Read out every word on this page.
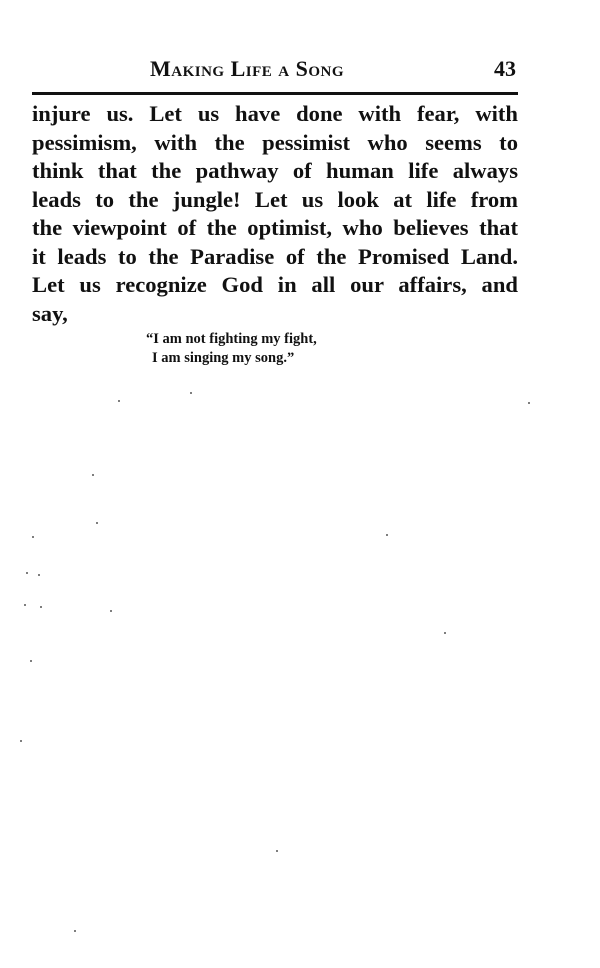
Making Life a Song	43

injure us. Let us have done with fear, with
pessimism, with the pessimist who seems to
think that the pathway of human life always
leads to the jungle! Let us look at life from
the viewpoint of the optimist, who believes that
it leads to the Paradise of the Promised Land.
Let us recognize God in all our affairs, and
say,

“I am not fighting my fight,
I am singing my song.”
